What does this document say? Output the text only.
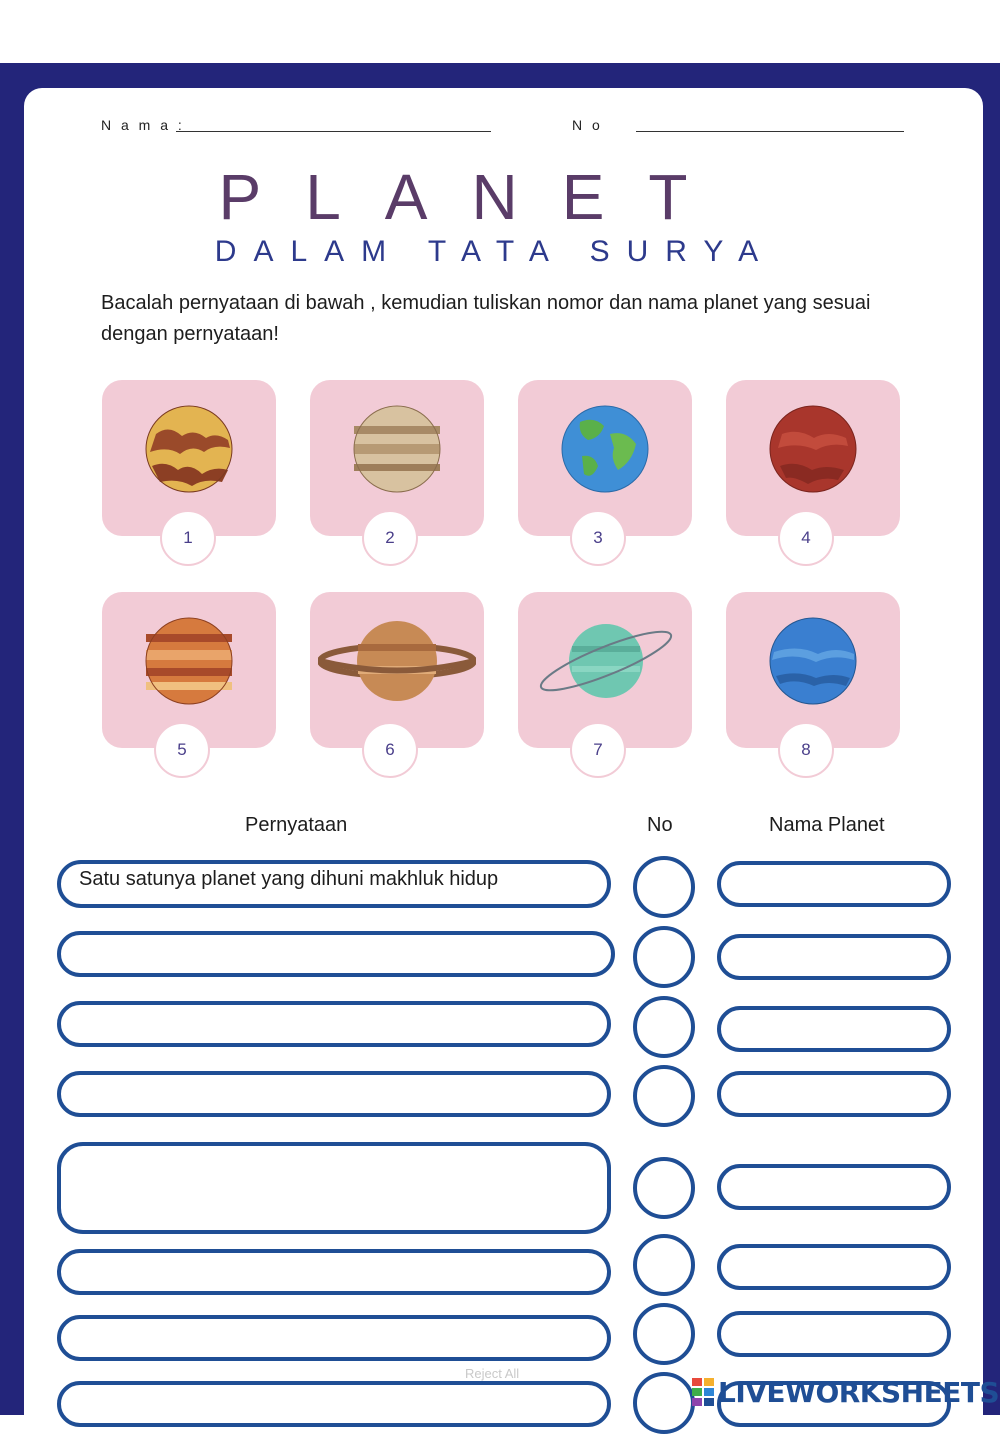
N a m a :	N o
PLANET
DALAM TATA SURYA
Bacalah pernyataan di bawah , kemudian tuliskan nomor dan nama planet yang sesuai dengan pernyataan!
1	2	3	4
5	6	7	8
Pernyataan	No	Nama Planet
Satu satunya planet yang dihuni makhluk hidup
Reject All
LIVEWORKSHEETS
